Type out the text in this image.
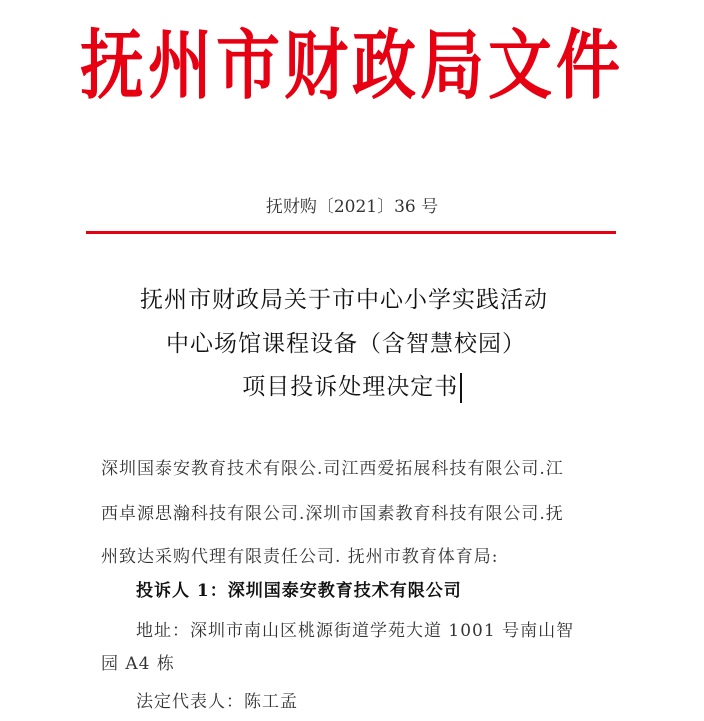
抚州市财政局文件
抚财购〔2021〕36 号
抚州市财政局关于市中心小学实践活动
中心场馆课程设备（含智慧校园）
项目投诉处理决定书
深圳国泰安教育技术有限公.司江西爱拓展科技有限公司.江
西卓源思瀚科技有限公司.深圳市国素教育科技有限公司.抚
州致达采购代理有限责任公司. 抚州市教育体育局:
投诉人 1：深圳国泰安教育技术有限公司
地址：深圳市南山区桃源街道学苑大道 1001 号南山智
园 A4 栋
法定代表人：陈工孟
